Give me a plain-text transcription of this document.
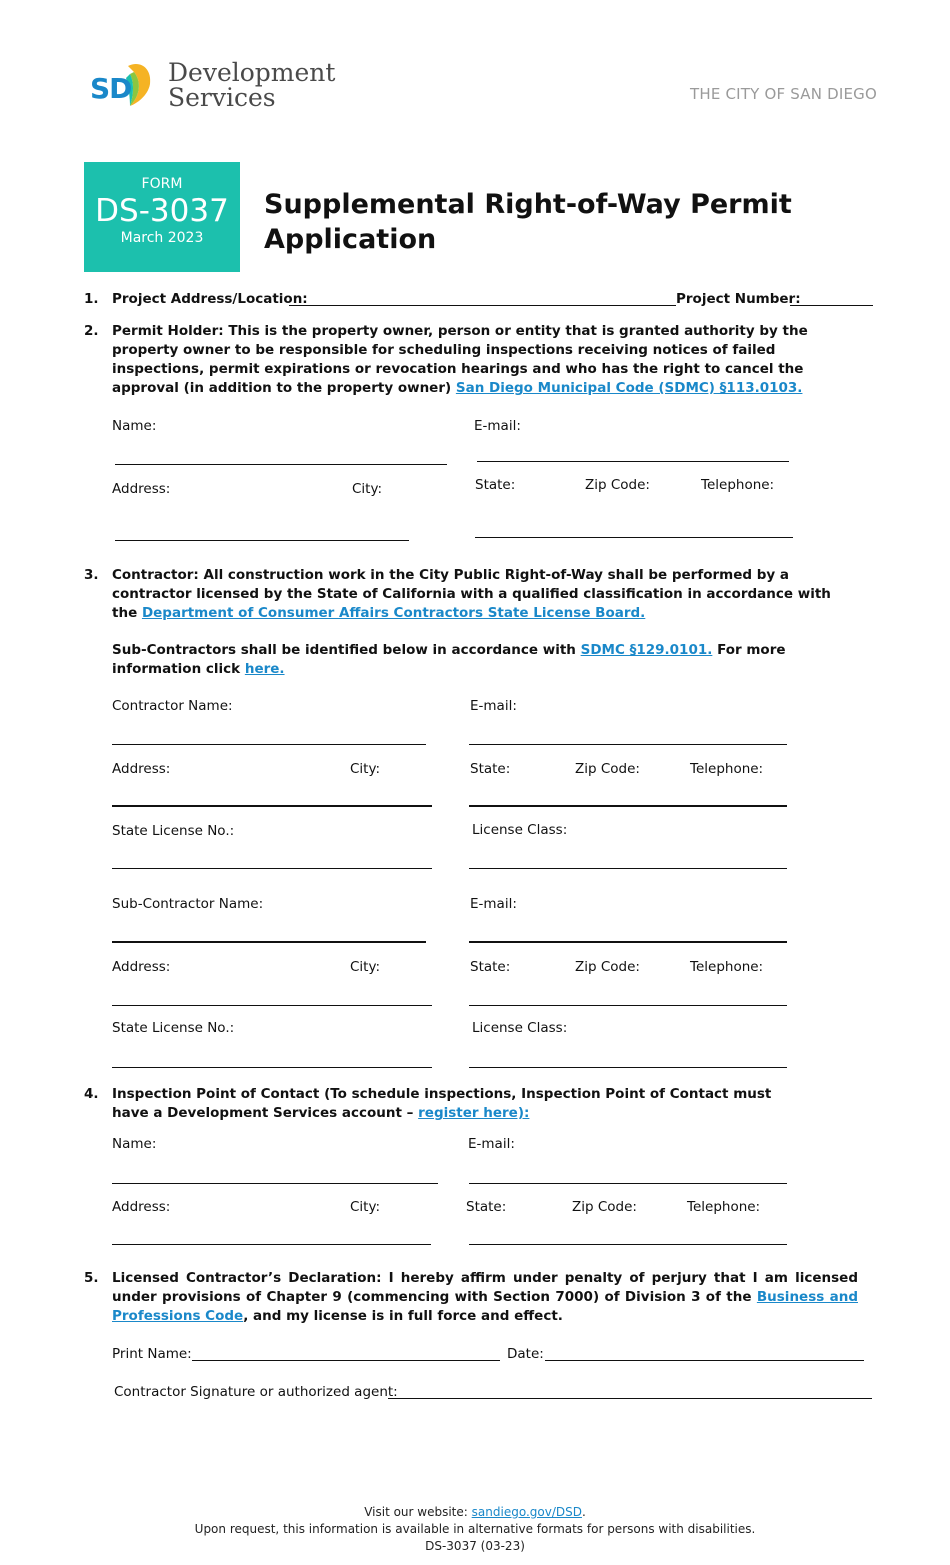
SD Development
Services	THE CITY OF SAN DIEGO
FORM
DS-3037
March 2023
Supplemental Right-of-Way Permit
Application
1. Project Address/Location:	Project Number:
2. Permit Holder: This is the property owner, person or entity that is granted authority by the property owner to be responsible for scheduling inspections receiving notices of failed inspections, permit expirations or revocation hearings and who has the right to cancel the approval (in addition to the property owner) San Diego Municipal Code (SDMC) §113.0103.
Name:	E-mail:
Address:	City:	State:	Zip Code:	Telephone:
3. Contractor: All construction work in the City Public Right-of-Way shall be performed by a contractor licensed by the State of California with a qualified classification in accordance with the Department of Consumer Affairs Contractors State License Board.
Sub-Contractors shall be identified below in accordance with SDMC §129.0101. For more information click here.
Contractor Name:	E-mail:
Address:	City:	State:	Zip Code:	Telephone:
State License No.:	License Class:
Sub-Contractor Name:	E-mail:
Address:	City:	State:	Zip Code:	Telephone:
State License No.:	License Class:
4. Inspection Point of Contact (To schedule inspections, Inspection Point of Contact must have a Development Services account – register here):
Name:	E-mail:
Address:	City:	State:	Zip Code:	Telephone:
5. Licensed Contractor’s Declaration: I hereby affirm under penalty of perjury that I am licensed under provisions of Chapter 9 (commencing with Section 7000) of Division 3 of the Business and Professions Code, and my license is in full force and effect.
Print Name:	Date:
Contractor Signature or authorized agent:
Visit our website: sandiego.gov/DSD.
Upon request, this information is available in alternative formats for persons with disabilities.
DS-3037 (03-23)
